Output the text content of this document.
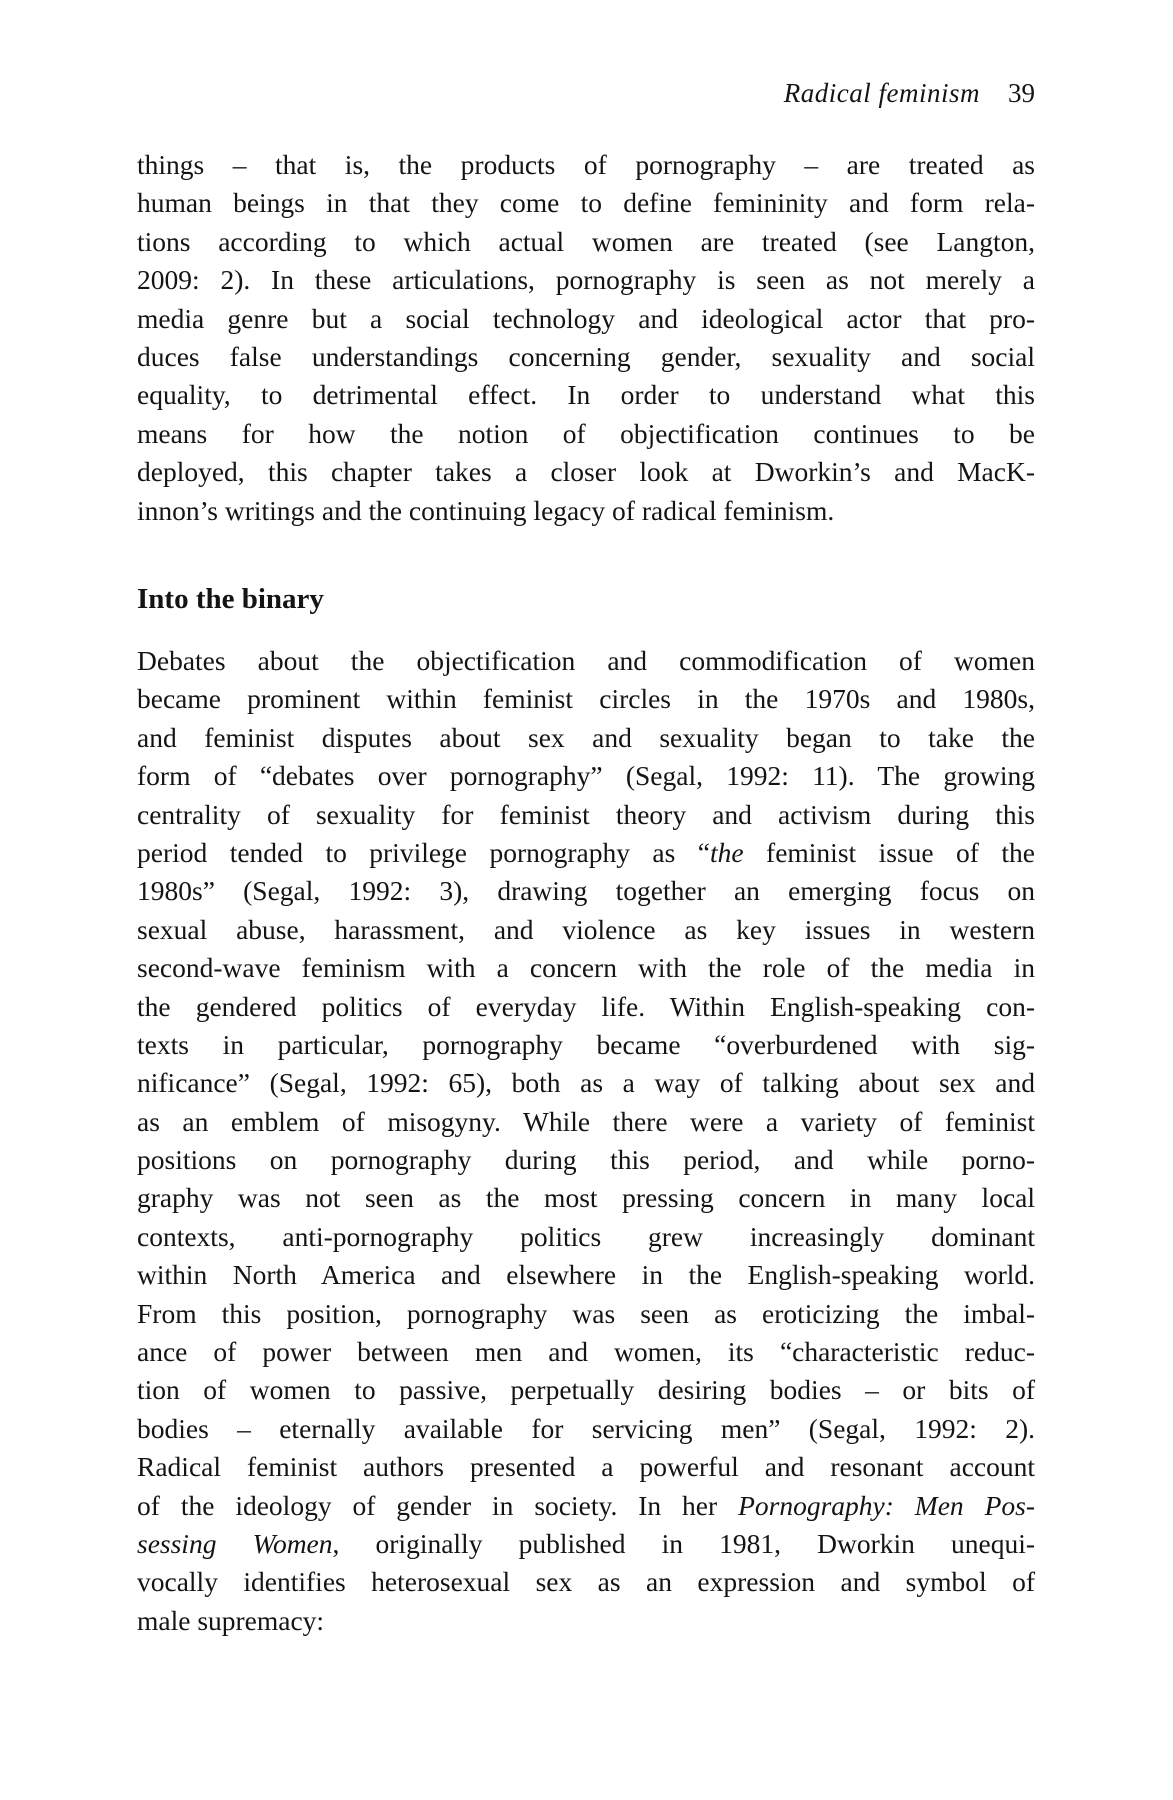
Radical feminism 39
things – that is, the products of pornography – are treated as
human beings in that they come to define femininity and form rela-
tions according to which actual women are treated (see Langton,
2009: 2). In these articulations, pornography is seen as not merely a
media genre but a social technology and ideological actor that pro-
duces false understandings concerning gender, sexuality and social
equality, to detrimental effect. In order to understand what this
means for how the notion of objectification continues to be
deployed, this chapter takes a closer look at Dworkin’s and MacK-
innon’s writings and the continuing legacy of radical feminism.
Into the binary
Debates about the objectification and commodification of women
became prominent within feminist circles in the 1970s and 1980s,
and feminist disputes about sex and sexuality began to take the
form of “debates over pornography” (Segal, 1992: 11). The growing
centrality of sexuality for feminist theory and activism during this
period tended to privilege pornography as “the feminist issue of the
1980s” (Segal, 1992: 3), drawing together an emerging focus on
sexual abuse, harassment, and violence as key issues in western
second-wave feminism with a concern with the role of the media in
the gendered politics of everyday life. Within English-speaking con-
texts in particular, pornography became “overburdened with sig-
nificance” (Segal, 1992: 65), both as a way of talking about sex and
as an emblem of misogyny. While there were a variety of feminist
positions on pornography during this period, and while porno-
graphy was not seen as the most pressing concern in many local
contexts, anti-pornography politics grew increasingly dominant
within North America and elsewhere in the English-speaking world.
From this position, pornography was seen as eroticizing the imbal-
ance of power between men and women, its “characteristic reduc-
tion of women to passive, perpetually desiring bodies – or bits of
bodies – eternally available for servicing men” (Segal, 1992: 2).
Radical feminist authors presented a powerful and resonant account
of the ideology of gender in society. In her Pornography: Men Pos-
sessing Women, originally published in 1981, Dworkin unequi-
vocally identifies heterosexual sex as an expression and symbol of
male supremacy:
